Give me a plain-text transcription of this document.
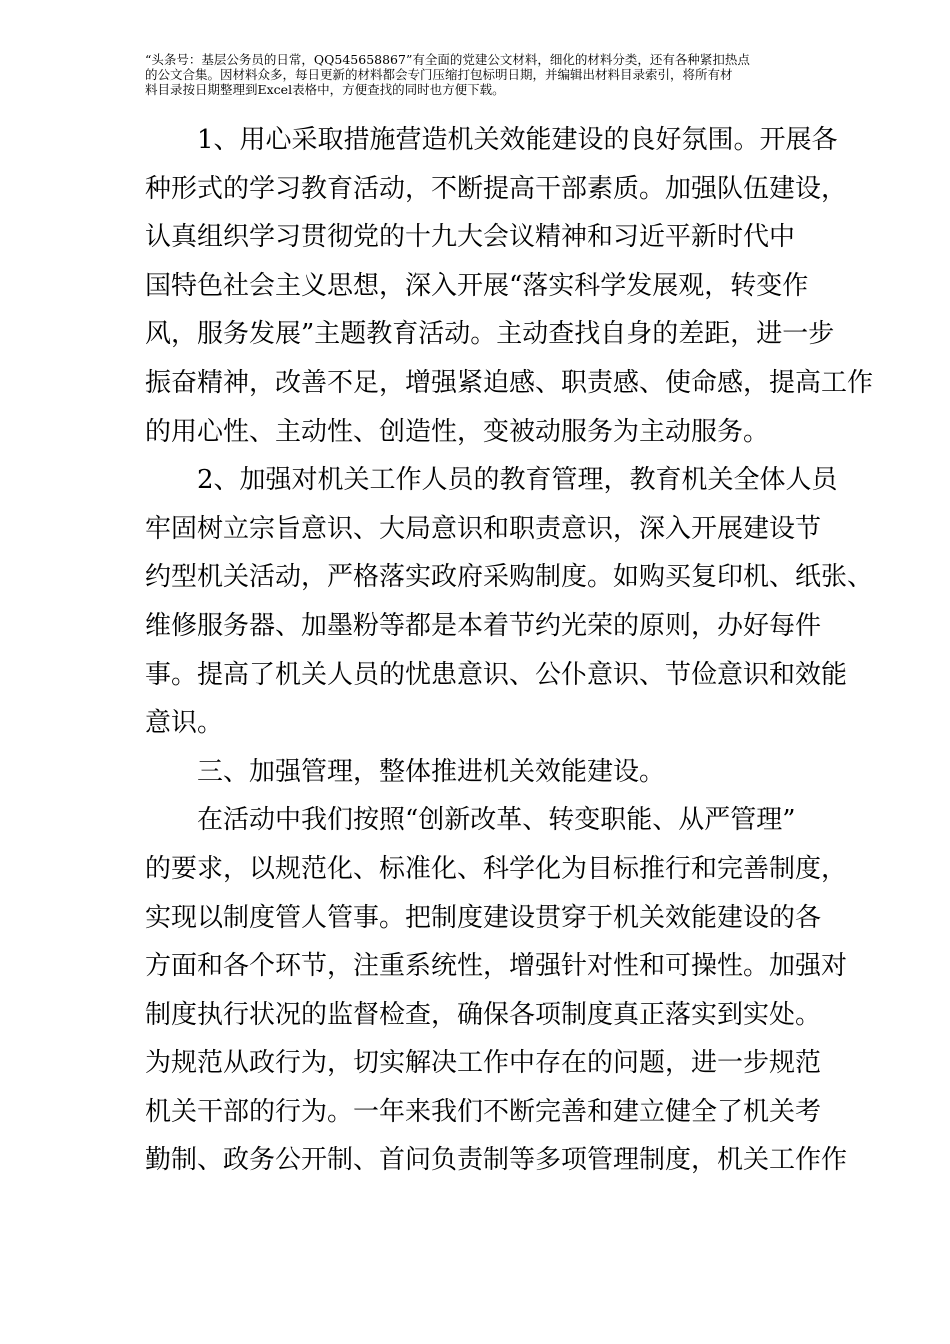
“头条号：基层公务员的日常，QQ545658867”有全面的党建公文材料，细化的材料分类，还有各种紧扣热点
的公文合集。因材料众多，每日更新的材料都会专门压缩打包标明日期，并编辑出材料目录索引，将所有材
料目录按日期整理到Excel表格中，方便查找的同时也方便下载。
1、用心采取措施营造机关效能建设的良好氛围。开展各
种形式的学习教育活动，不断提高干部素质。加强队伍建设，
认真组织学习贯彻党的十九大会议精神和习近平新时代中
国特色社会主义思想，深入开展“落实科学发展观，转变作
风，服务发展”主题教育活动。主动查找自身的差距，进一步
振奋精神，改善不足，增强紧迫感、职责感、使命感，提高工作
的用心性、主动性、创造性，变被动服务为主动服务。
2、加强对机关工作人员的教育管理，教育机关全体人员
牢固树立宗旨意识、大局意识和职责意识，深入开展建设节
约型机关活动，严格落实政府采购制度。如购买复印机、纸张、
维修服务器、加墨粉等都是本着节约光荣的原则，办好每件
事。提高了机关人员的忧患意识、公仆意识、节俭意识和效能
意识。
三、加强管理，整体推进机关效能建设。
在活动中我们按照“创新改革、转变职能、从严管理”
的要求，以规范化、标准化、科学化为目标推行和完善制度，
实现以制度管人管事。把制度建设贯穿于机关效能建设的各
方面和各个环节，注重系统性，增强针对性和可操性。加强对
制度执行状况的监督检查，确保各项制度真正落实到实处。
为规范从政行为，切实解决工作中存在的问题，进一步规范
机关干部的行为。一年来我们不断完善和建立健全了机关考
勤制、政务公开制、首问负责制等多项管理制度，机关工作作
